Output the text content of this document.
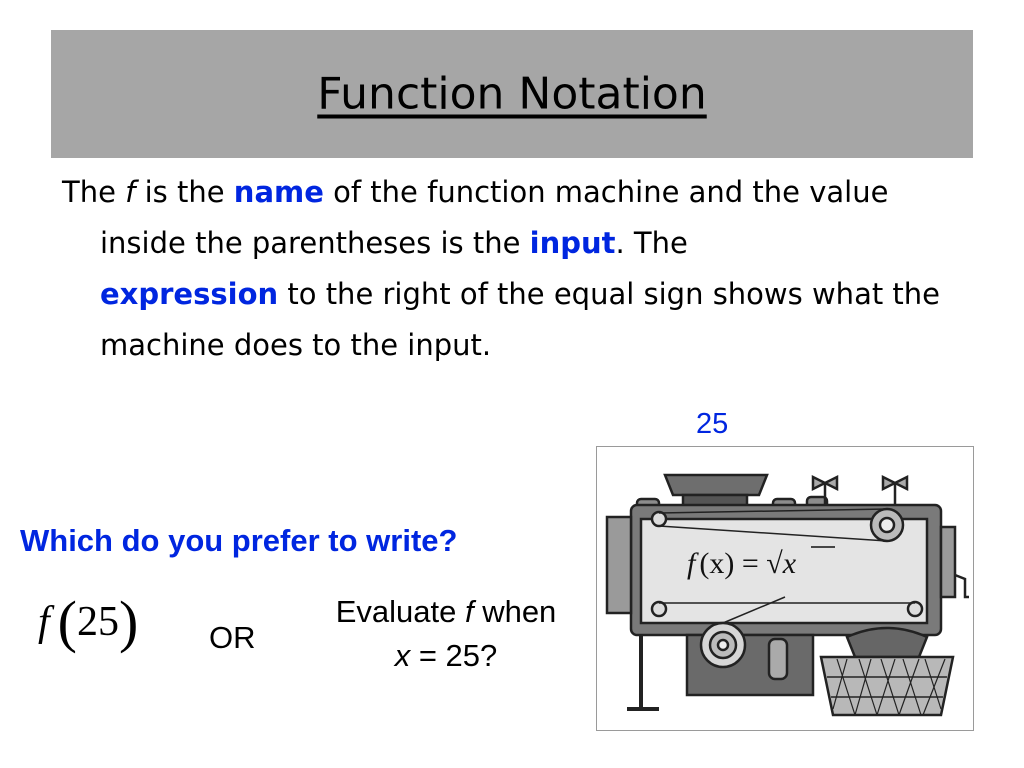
Function Notation
The f is the name of the function machine and the value inside the parentheses is the input. The
expression to the right of the equal sign shows what the machine does to the input.
25
Which do you prefer to write?
f (25) OR
Evaluate f when
x = 25?
f (x) = √x
